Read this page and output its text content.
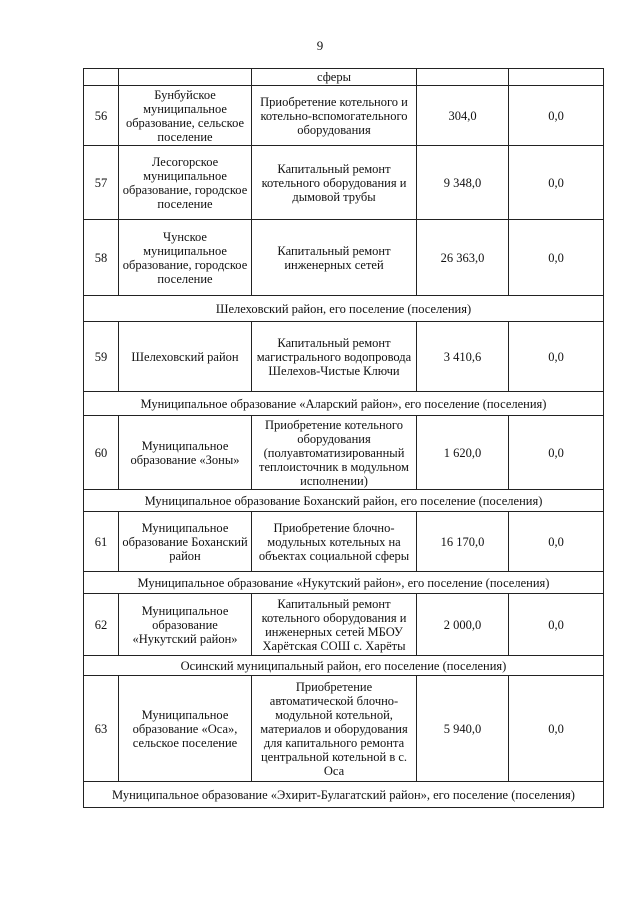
9
		сферы		
56	Бунбуйское муниципальное образование, сельское поселение	Приобретение котельного и котельно-вспомогательного оборудования	304,0	0,0
57	Лесогорское муниципальное образование, городское поселение	Капитальный ремонт котельного оборудования и дымовой трубы	9 348,0	0,0
58	Чунское муниципальное образование, городское поселение	Капитальный ремонт инженерных сетей	26 363,0	0,0
Шелеховский район, его поселение (поселения)				
59	Шелеховский район	Капитальный ремонт магистрального водопровода Шелехов-Чистые Ключи	3 410,6	0,0
Муниципальное образование «Аларский район», его поселение (поселения)				
60	Муниципальное образование «Зоны»	Приобретение котельного оборудования (полуавтоматизированный теплоисточник в модульном исполнении)	1 620,0	0,0
Муниципальное образование Боханский район, его поселение (поселения)				
61	Муниципальное образование Боханский район	Приобретение блочно-модульных котельных на объектах социальной сферы	16 170,0	0,0
Муниципальное образование «Нукутский район», его поселение (поселения)				
62	Муниципальное образование «Нукутский район»	Капитальный ремонт котельного оборудования и инженерных сетей МБОУ Харётская СОШ с. Харёты	2 000,0	0,0
Осинский муниципальный район, его поселение (поселения)				
63	Муниципальное образование «Оса», сельское поселение	Приобретение автоматической блочно-модульной котельной, материалов и оборудования для капитального ремонта центральной котельной в с. Оса	5 940,0	0,0
Муниципальное образование «Эхирит-Булагатский район», его поселение (поселения)				
